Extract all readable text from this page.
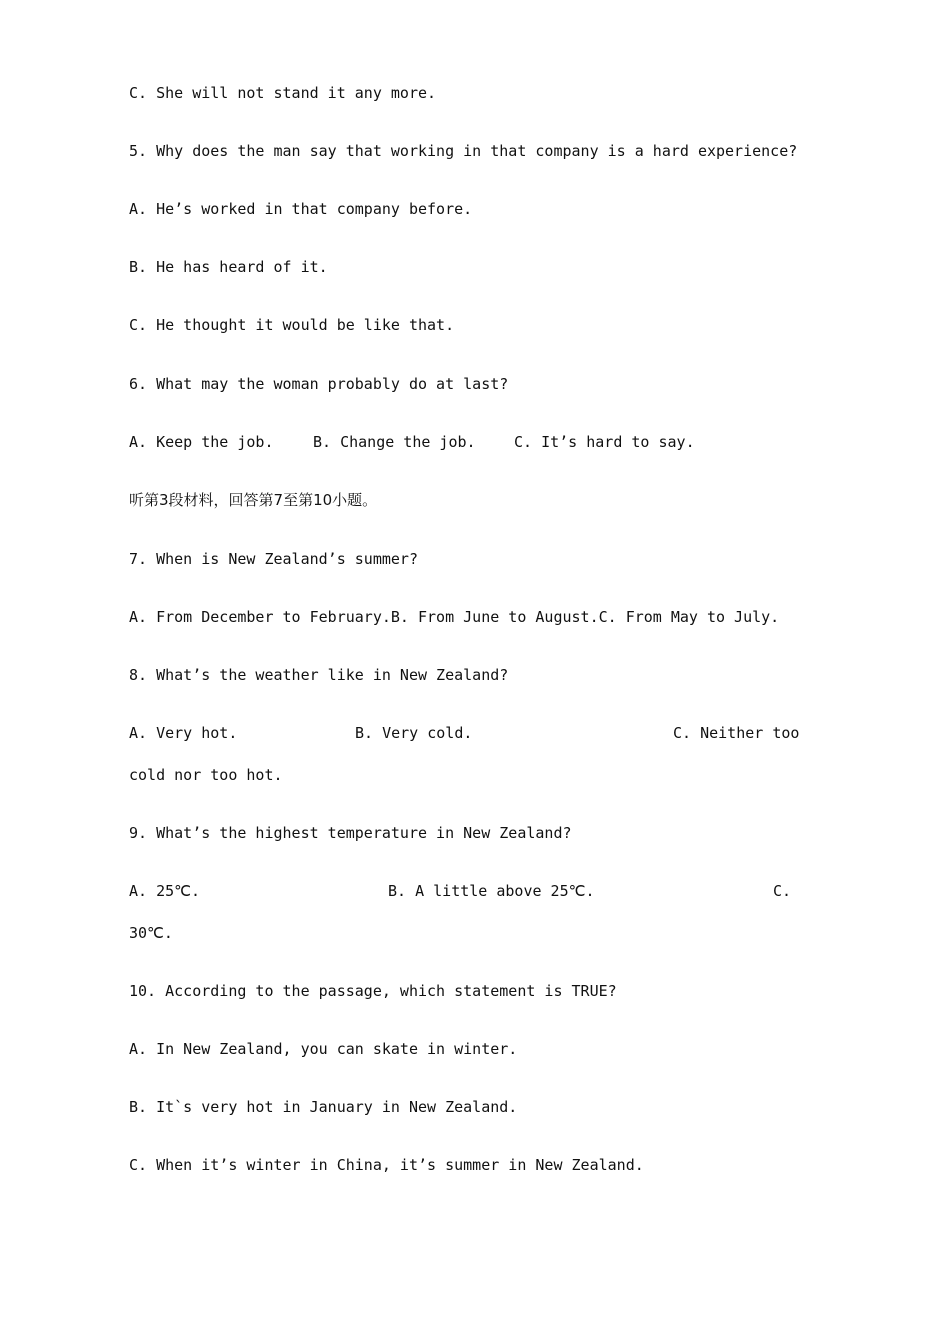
C. She will not stand it any more.
5. Why does the man say that working in that company is a hard experience?
A. He’s worked in that company before.
B. He has heard of it.
C. He thought it would be like that.
6. What may the woman probably do at last?
A. Keep the job.	B. Change the job.	C. It’s hard to say.
听第3段材料，回答第7至第10小题。
7. When is New Zealand’s summer?
A. From December to February.B. From June to August.C. From May to July.
8. What’s the weather like in New Zealand?
A. Very hot.	B. Very cold.	C. Neither too
cold nor too hot.
9. What’s the highest temperature in New Zealand?
A. 25℃.	B. A little above 25℃.	C.
30℃.
10. According to the passage, which statement is TRUE?
A. In New Zealand, you can skate in winter.
B. It`s very hot in January in New Zealand.
C. When it’s winter in China, it’s summer in New Zealand.
